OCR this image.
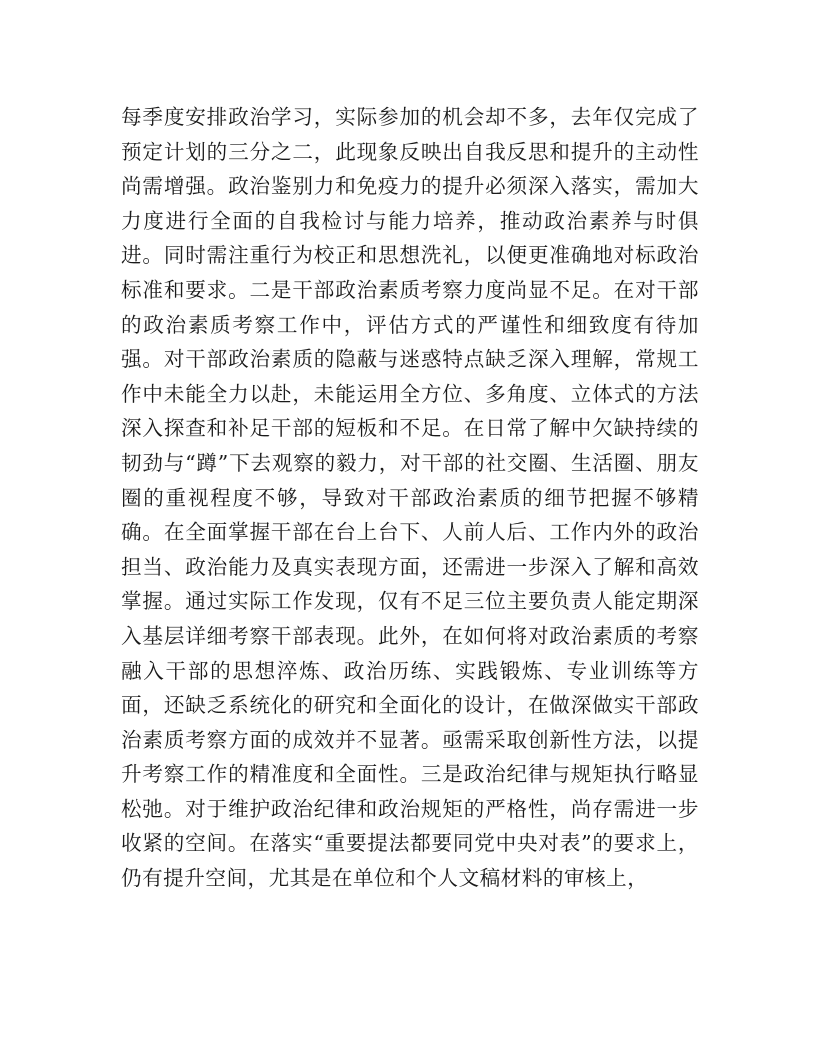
每季度安排政治学习，实际参加的机会却不多，去年仅完成了预定计划的三分之二，此现象反映出自我反思和提升的主动性尚需增强。政治鉴别力和免疫力的提升必须深入落实，需加大力度进行全面的自我检讨与能力培养，推动政治素养与时俱进。同时需注重行为校正和思想洗礼，以便更准确地对标政治标准和要求。二是干部政治素质考察力度尚显不足。在对干部的政治素质考察工作中，评估方式的严谨性和细致度有待加强。对干部政治素质的隐蔽与迷惑特点缺乏深入理解，常规工作中未能全力以赴，未能运用全方位、多角度、立体式的方法深入探查和补足干部的短板和不足。在日常了解中欠缺持续的韧劲与“蹲”下去观察的毅力，对干部的社交圈、生活圈、朋友圈的重视程度不够，导致对干部政治素质的细节把握不够精确。在全面掌握干部在台上台下、人前人后、工作内外的政治担当、政治能力及真实表现方面，还需进一步深入了解和高效掌握。通过实际工作发现，仅有不足三位主要负责人能定期深入基层详细考察干部表现。此外，在如何将对政治素质的考察融入干部的思想淬炼、政治历练、实践锻炼、专业训练等方面，还缺乏系统化的研究和全面化的设计，在做深做实干部政治素质考察方面的成效并不显著。亟需采取创新性方法，以提升考察工作的精准度和全面性。三是政治纪律与规矩执行略显松弛。对于维护政治纪律和政治规矩的严格性，尚存需进一步收紧的空间。在落实“重要提法都要同党中央对表”的要求上，仍有提升空间，尤其是在单位和个人文稿材料的审核上，
